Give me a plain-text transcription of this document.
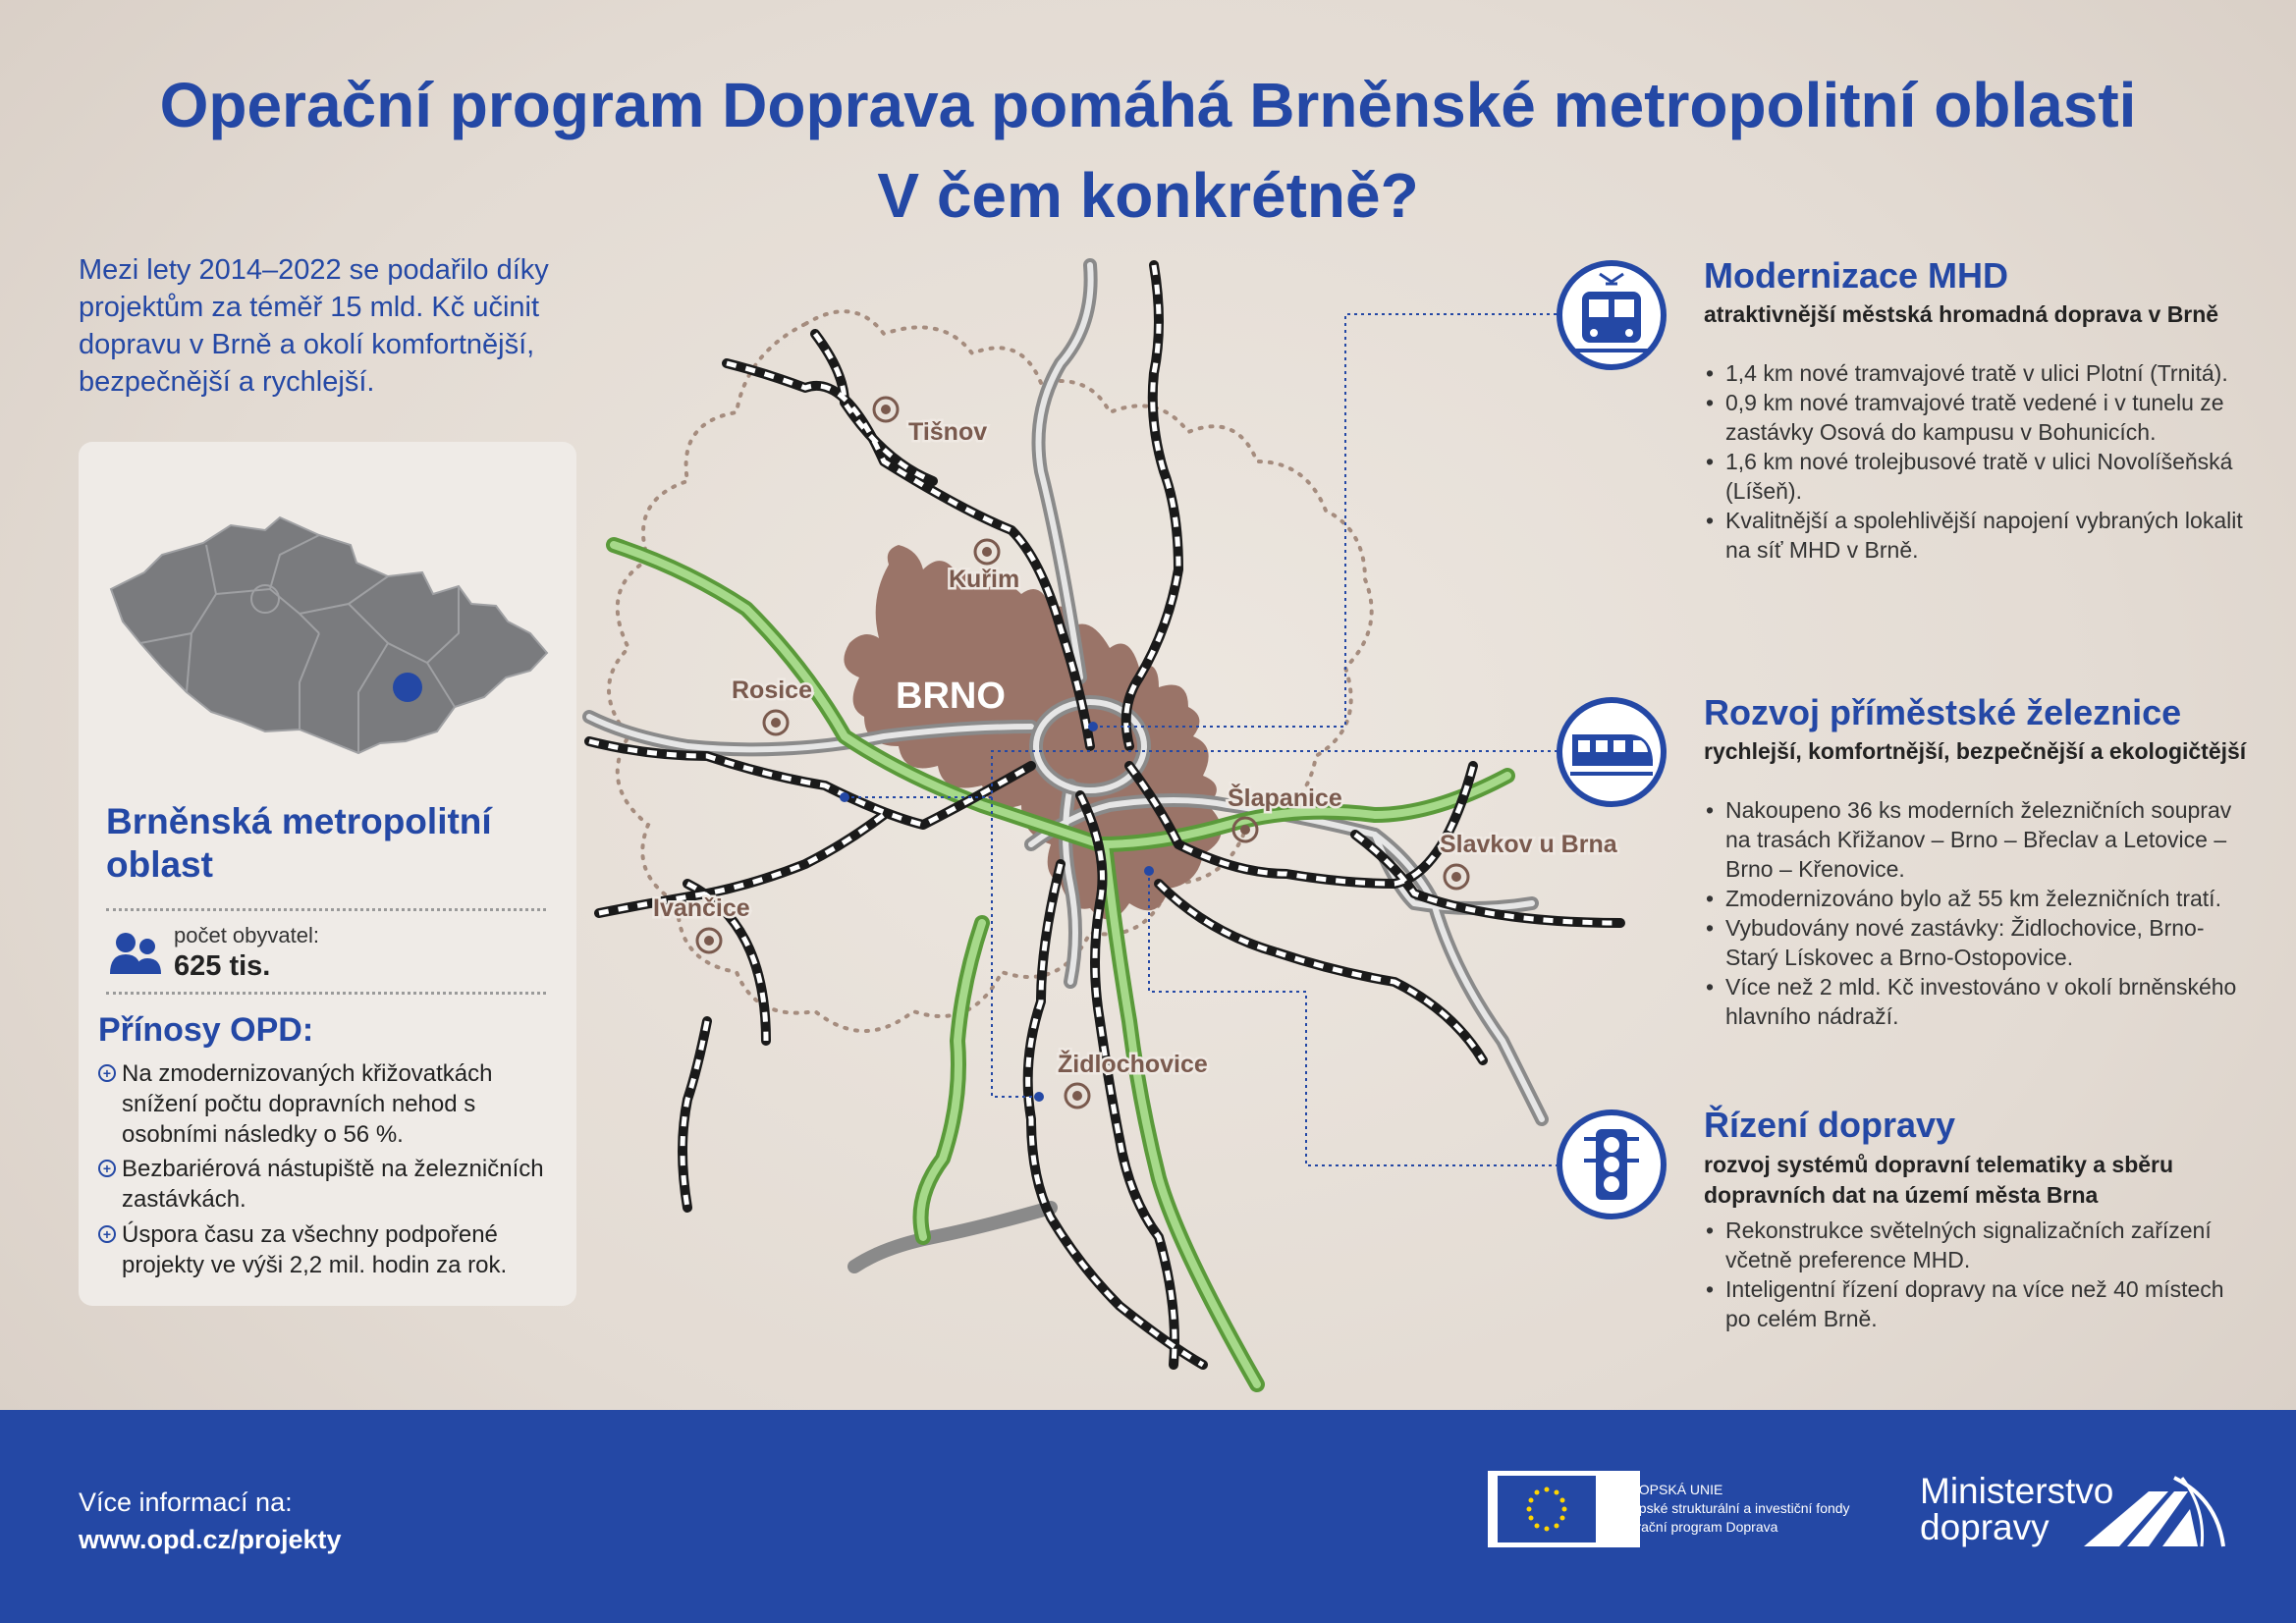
Operační program Doprava pomáhá Brněnské metropolitní oblasti
V čem konkrétně?
Mezi lety 2014–2022 se podařilo díky projektům za téměř 15 mld. Kč učinit dopravu v Brně a okolí komfortnější, bezpečnější a rychlejší.
Brněnská metropolitní oblast
počet obyvatel:
625 tis.
Přínosy OPD:
+ Na zmodernizovaných křižovatkách snížení počtu dopravních nehod s osobními následky o 56 %.
+ Bezbariérová nástupiště na železničních zastávkách.
+ Úspora času za všechny podpořené projekty ve výši 2,2 mil. hodin za rok.
BRNO
Tišnov
Kuřim
Rosice
Šlapanice
Slavkov u Brna
Ivančice
Židlochovice
Modernizace MHD
atraktivnější městská hromadná doprava v Brně
• 1,4 km nové tramvajové tratě v ulici Plotní (Trnitá).
• 0,9 km nové tramvajové tratě vedené i v tunelu ze zastávky Osová do kampusu v Bohunicích.
• 1,6 km nové trolejbusové tratě v ulici Novolíšeňská (Líšeň).
• Kvalitnější a spolehlivější napojení vybraných lokalit na síť MHD v Brně.
Rozvoj příměstské železnice
rychlejší, komfortnější, bezpečnější a ekologičtější
• Nakoupeno 36 ks moderních železničních souprav na trasách Křižanov – Brno – Břeclav a Letovice – Brno – Křenovice.
• Zmodernizováno bylo až 55 km železničních tratí.
• Vybudovány nové zastávky: Židlochovice, Brno-Starý Lískovec a Brno-Ostopovice.
• Více než 2 mld. Kč investováno v okolí brněnského hlavního nádraží.
Řízení dopravy
rozvoj systémů dopravní telematiky a sběru dopravních dat na území města Brna
• Rekonstrukce světelných signalizačních zařízení včetně preference MHD.
• Inteligentní řízení dopravy na více než 40 místech po celém Brně.
Více informací na:
www.opd.cz/projekty
EVROPSKÁ UNIE
Evropské strukturální a investiční fondy
Operační program Doprava
Ministerstvo
dopravy
